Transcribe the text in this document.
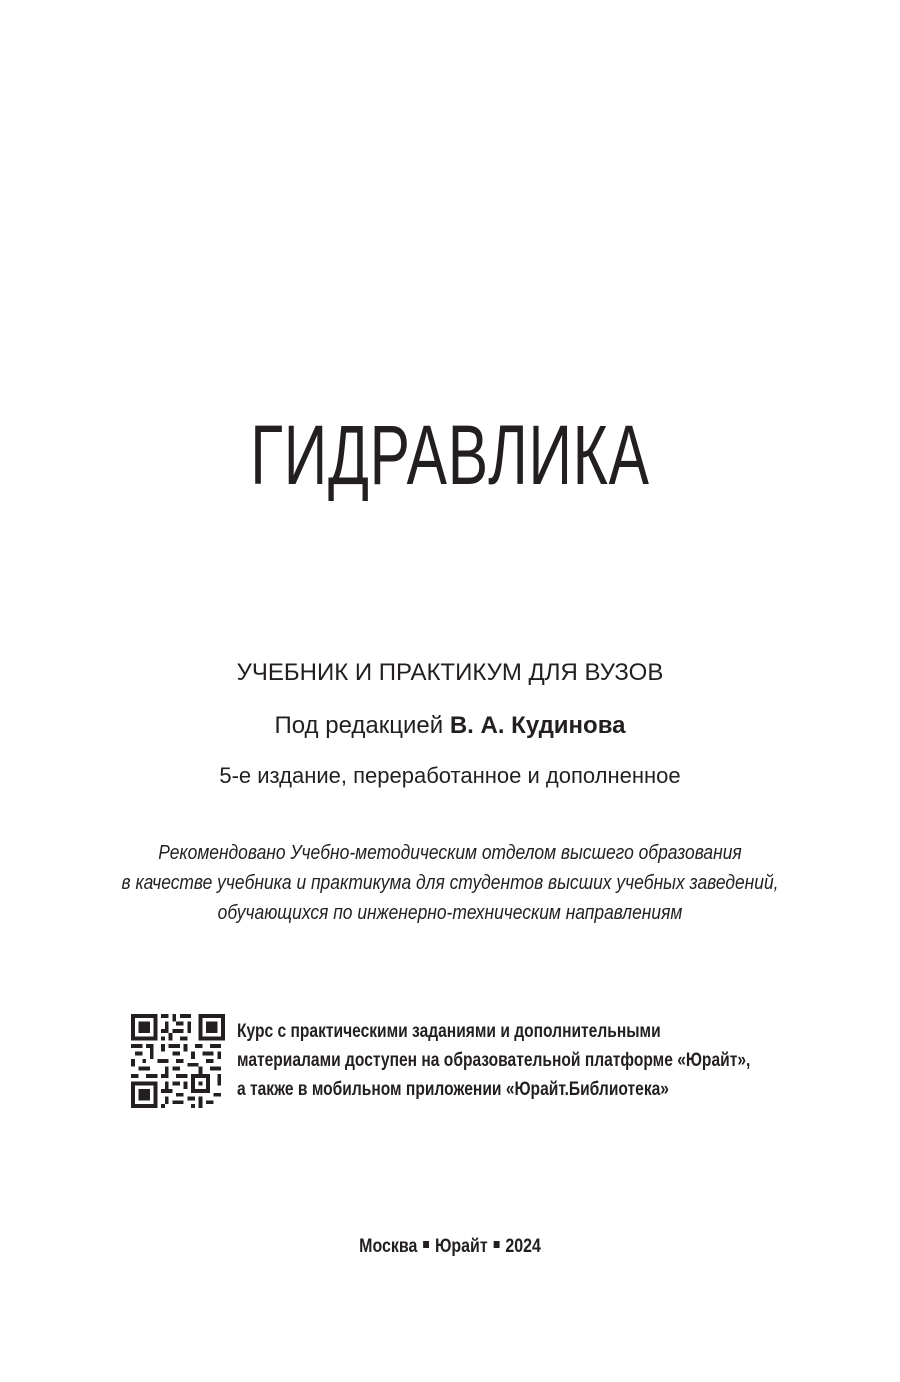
ГИДРАВЛИКА
УЧЕБНИК И ПРАКТИКУМ ДЛЯ ВУЗОВ
Под редакцией В. А. Кудинова
5-е издание, переработанное и дополненное
Рекомендовано Учебно-методическим отделом высшего образования
в качестве учебника и практикума для студентов высших учебных заведений,
обучающихся по инженерно-техническим направлениям
Курс с практическими заданиями и дополнительными
материалами доступен на образовательной платформе «Юрайт»,
а также в мобильном приложении «Юрайт.Библиотека»
Москва Юрайт 2024
